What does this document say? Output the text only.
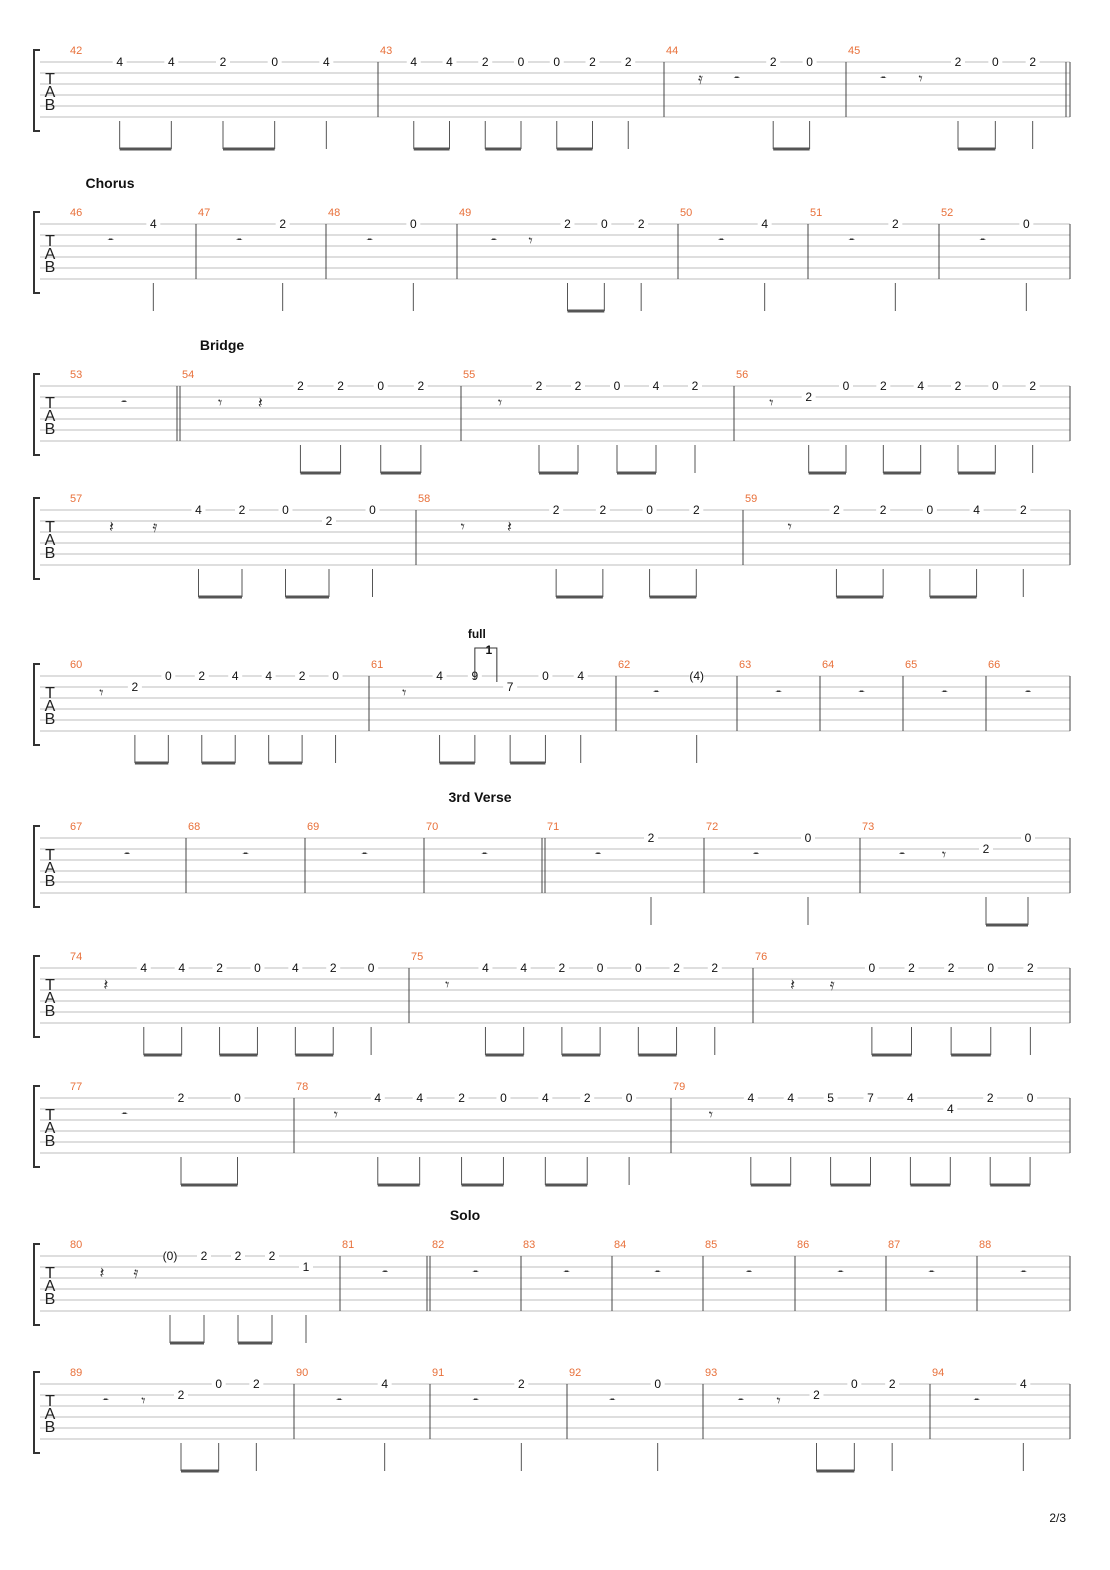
T
A
B
42
4	4	2	0	4
43
4 4 2 0 0 2 2
44
𝄿 𝄼
2 0
45
𝄼 𝄾
2	0	2
T
A
B
Chorus
46
𝄼
4
47
𝄼
2
48
𝄼
0
49
𝄼 𝄾
2	0	2
50
𝄼
4
51
𝄼
2
52
𝄼
0
T
A
B
Bridge
53
𝄼
54
𝄾 𝄽
2	2	0	2
55
𝄾
2	2	0	4	2
56
𝄾	2
0	2	4	2	0	2
T
A
B
57
𝄽 𝄿
4	2	0
2
0
58
𝄾	𝄽
2	2	0	2
59
𝄾
2	2	0	4	2
T
A
B
60
𝄾 2
0 2 4 4 2 0
61
𝄾
4 9
7
0 4
full
1
62
𝄼
(4)
63
𝄼
64
𝄼
65
𝄼
66
𝄼
T
A
B
3rd Verse
67
𝄼
68
𝄼
69
𝄼
70
𝄼
71
𝄼
2
72
𝄼
0
73
𝄼 𝄾	2
0
T
A
B
74
𝄽
4	4	2	0	4	2	0
75
𝄾
4	4	2	0	0	2	2
76
𝄽 𝄿
0	2	2	0	2
T
A
B
77
𝄼
2	0
78
𝄾
4	4	2	0	4	2	0
79
𝄾
4	4	5	7	4
4
2	0
T
A
B
Solo
80
𝄽 𝄿
(0) 2 2 2
1
81
𝄼
82
𝄼
83
𝄼
84
𝄼
85
𝄼
86
𝄼
87
𝄼
88
𝄼
T
A
B
89
𝄼 𝄾	2
0	2
90
𝄼
4
91
𝄼
2
92
𝄼
0
93
𝄼 𝄾	2
0	2
94
𝄼
4
2/3
